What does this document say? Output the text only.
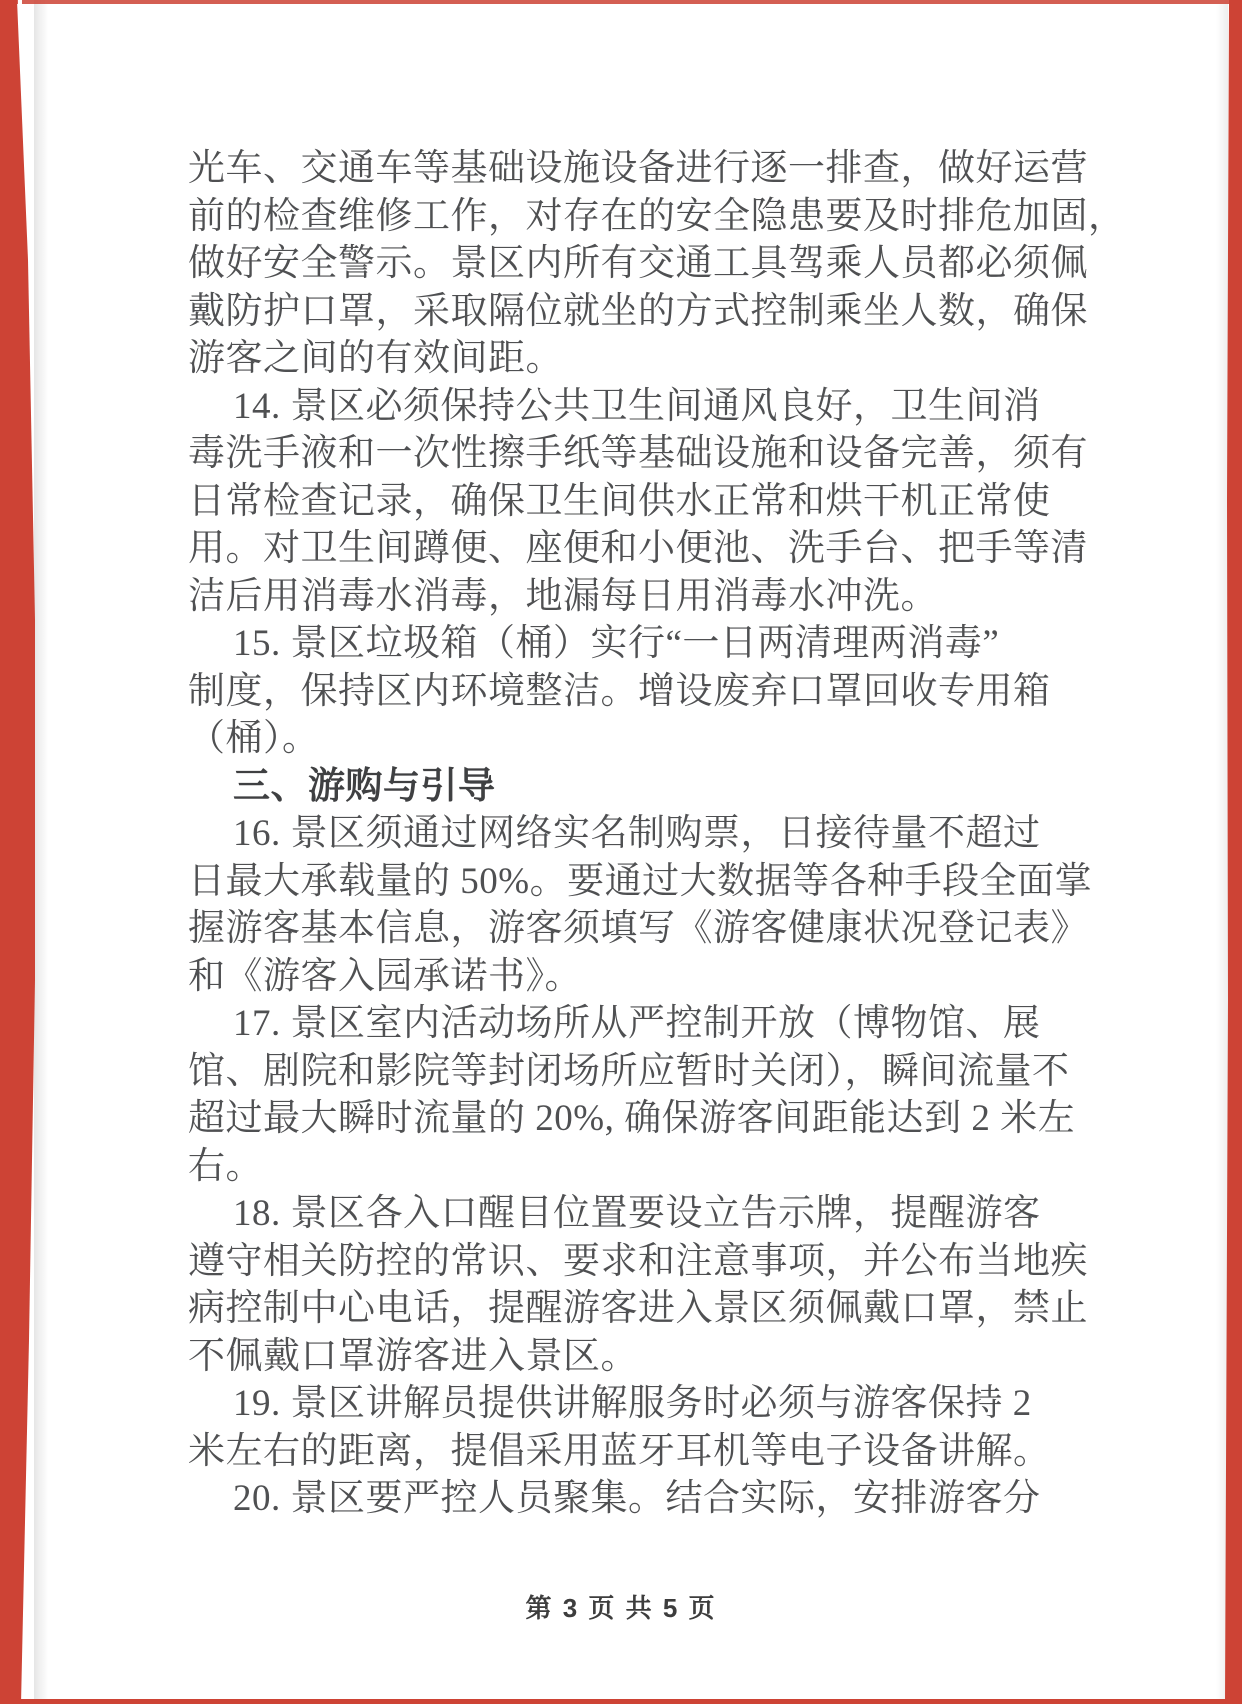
光车、交通车等基础设施设备进行逐一排查，做好运营
前的检查维修工作，对存在的安全隐患要及时排危加固，
做好安全警示。景区内所有交通工具驾乘人员都必须佩
戴防护口罩，采取隔位就坐的方式控制乘坐人数，确保
游客之间的有效间距。
14. 景区必须保持公共卫生间通风良好，卫生间消
毒洗手液和一次性擦手纸等基础设施和设备完善，须有
日常检查记录，确保卫生间供水正常和烘干机正常使
用。对卫生间蹲便、座便和小便池、洗手台、把手等清
洁后用消毒水消毒，地漏每日用消毒水冲洗。
15. 景区垃圾箱（桶）实行“一日两清理两消毒”
制度，保持区内环境整洁。增设废弃口罩回收专用箱
（桶）。
三、游购与引导
16. 景区须通过网络实名制购票，日接待量不超过
日最大承载量的 50%。要通过大数据等各种手段全面掌
握游客基本信息，游客须填写《游客健康状况登记表》
和《游客入园承诺书》。
17. 景区室内活动场所从严控制开放（博物馆、展
馆、剧院和影院等封闭场所应暂时关闭），瞬间流量不
超过最大瞬时流量的 20%, 确保游客间距能达到 2 米左
右。
18. 景区各入口醒目位置要设立告示牌，提醒游客
遵守相关防控的常识、要求和注意事项，并公布当地疾
病控制中心电话，提醒游客进入景区须佩戴口罩，禁止
不佩戴口罩游客进入景区。
19. 景区讲解员提供讲解服务时必须与游客保持 2
米左右的距离，提倡采用蓝牙耳机等电子设备讲解。
20. 景区要严控人员聚集。结合实际，安排游客分
第 3 页 共 5 页
